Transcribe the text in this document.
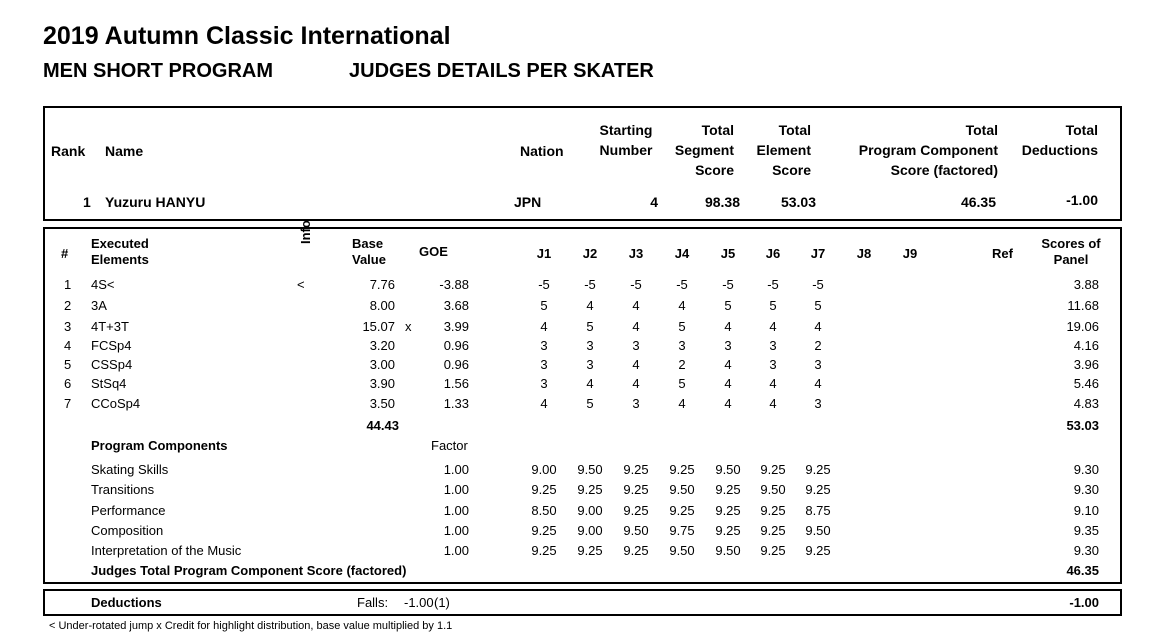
2019 Autumn Classic International
MEN SHORT PROGRAM	JUDGES DETAILS PER SKATER
Rank Name	Nation
Starting
Number
Total
Segment
Score
Total
Element
Score
Total
Program Component
Score (factored)
Total
Deductions
1 Yuzuru HANYU	JPN	4	98.38	53.03	46.35	-1.00
#
Executed
Elements
Info	Base
Value
GOE	J1	J2	J3	J4	J5	J6	J7	J8	J9	Ref
Scores of
Panel
1 4S<	<	7.76	-3.88	-5	-5	-5	-5	-5	-5	-5	3.88
2 3A	8.00	3.68	5	4	4	4	5	5	5	11.68
3 4T+3T	15.07 x	3.99	4	5	4	5	4	4	4	19.06
4 FCSp4	3.20	0.96	3	3	3	3	3	3	2	4.16
5 CSSp4	3.00	0.96	3	3	4	2	4	3	3	3.96
6 StSq4	3.90	1.56	3	4	4	5	4	4	4	5.46
7 CCoSp4	3.50	1.33	4	5	3	4	4	4	3	4.83
44.43	53.03
Program Components	Factor
Skating Skills	1.00	9.00	9.50	9.25	9.25	9.50	9.25	9.25	9.30
Transitions	1.00	9.25	9.25	9.25	9.50	9.25	9.50	9.25	9.30
Performance	1.00	8.50	9.00	9.25	9.25	9.25	9.25	8.75	9.10
Composition	1.00	9.25	9.00	9.50	9.75	9.25	9.25	9.50	9.35
Interpretation of the Music	1.00	9.25	9.25	9.25	9.50	9.50	9.25	9.25	9.30
Judges Total Program Component Score (factored)	46.35
Deductions	Falls: -1.00 (1)	-1.00
< Under-rotated jump x Credit for highlight distribution, base value multiplied by 1.1
